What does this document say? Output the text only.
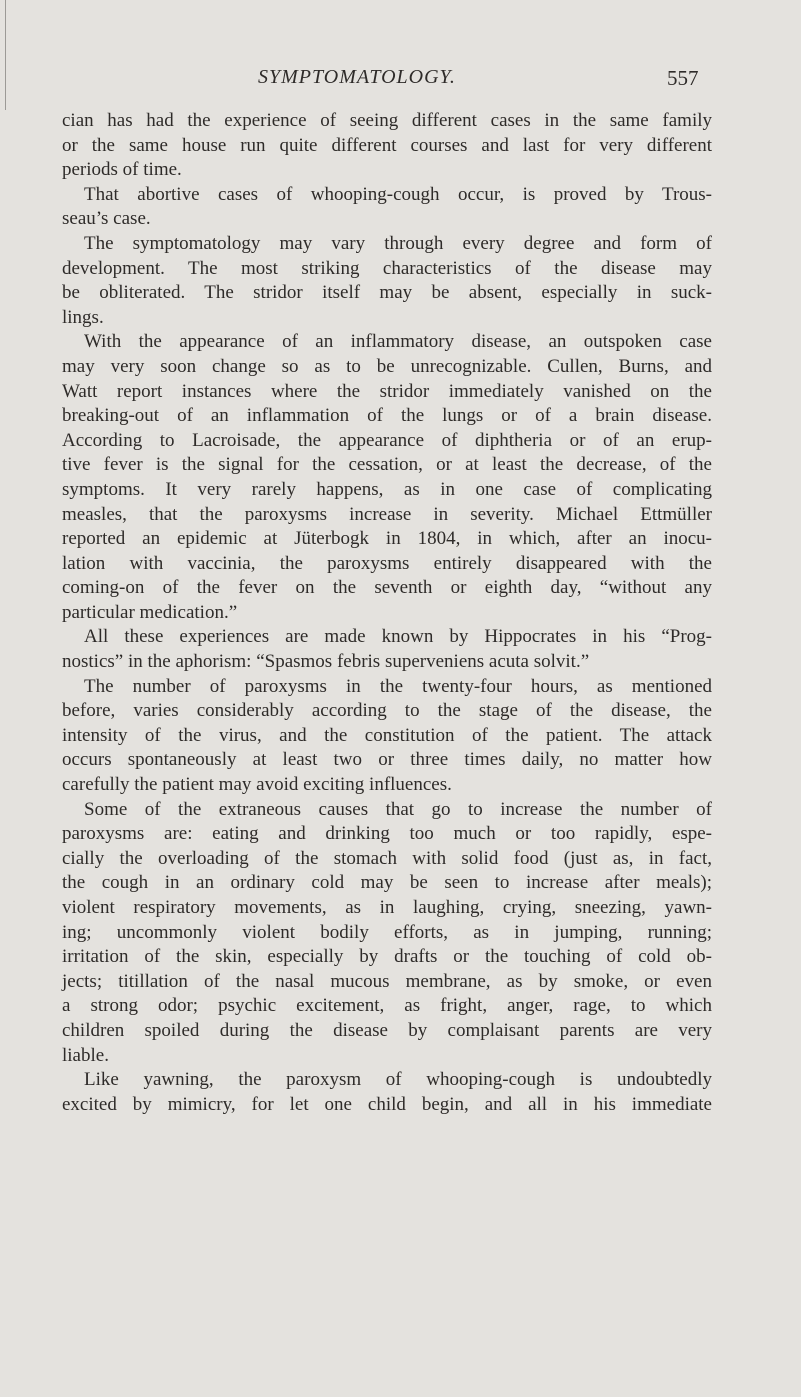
SYMPTOMATOLOGY.	557
cian has had the experience of seeing different cases in the same family
or the same house run quite different courses and last for very different
periods of time.
That abortive cases of whooping-cough occur, is proved by Trous-
seau’s case.
The symptomatology may vary through every degree and form of
development. The most striking characteristics of the disease may
be obliterated. The stridor itself may be absent, especially in suck-
lings.
With the appearance of an inflammatory disease, an outspoken case
may very soon change so as to be unrecognizable. Cullen, Burns, and
Watt report instances where the stridor immediately vanished on the
breaking-out of an inflammation of the lungs or of a brain disease.
According to Lacroisade, the appearance of diphtheria or of an erup-
tive fever is the signal for the cessation, or at least the decrease, of the
symptoms. It very rarely happens, as in one case of complicating
measles, that the paroxysms increase in severity. Michael Ettmüller
reported an epidemic at Jüterbogk in 1804, in which, after an inocu-
lation with vaccinia, the paroxysms entirely disappeared with the
coming-on of the fever on the seventh or eighth day, “without any
particular medication.”
All these experiences are made known by Hippocrates in his “Prog-
nostics” in the aphorism: “Spasmos febris superveniens acuta solvit.”
The number of paroxysms in the twenty-four hours, as mentioned
before, varies considerably according to the stage of the disease, the
intensity of the virus, and the constitution of the patient. The attack
occurs spontaneously at least two or three times daily, no matter how
carefully the patient may avoid exciting influences.
Some of the extraneous causes that go to increase the number of
paroxysms are: eating and drinking too much or too rapidly, espe-
cially the overloading of the stomach with solid food (just as, in fact,
the cough in an ordinary cold may be seen to increase after meals);
violent respiratory movements, as in laughing, crying, sneezing, yawn-
ing; uncommonly violent bodily efforts, as in jumping, running;
irritation of the skin, especially by drafts or the touching of cold ob-
jects; titillation of the nasal mucous membrane, as by smoke, or even
a strong odor; psychic excitement, as fright, anger, rage, to which
children spoiled during the disease by complaisant parents are very
liable.
Like yawning, the paroxysm of whooping-cough is undoubtedly
excited by mimicry, for let one child begin, and all in his immediate
